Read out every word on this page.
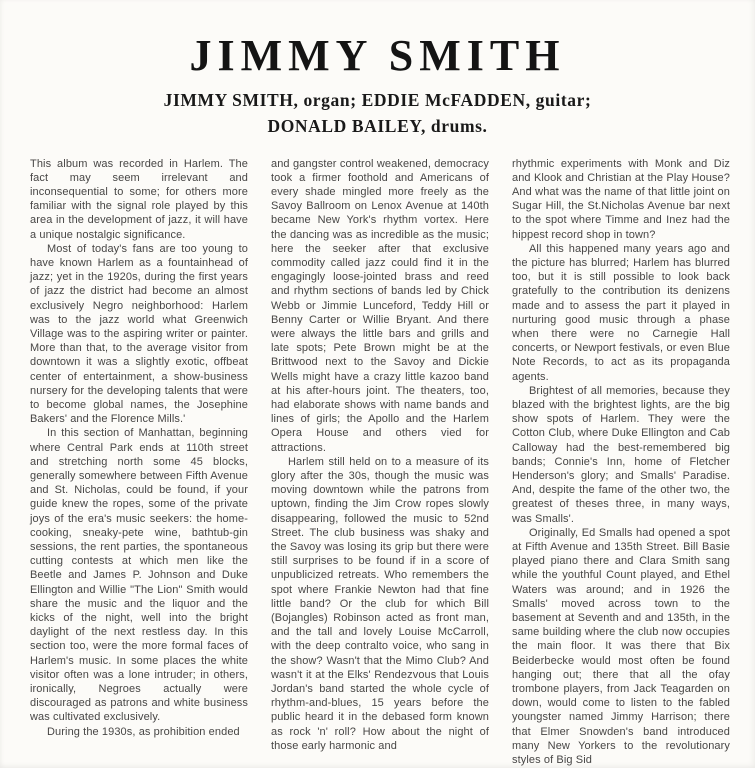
JIMMY SMITH

JIMMY SMITH, organ; EDDIE McFADDEN, guitar;

DONALD BAILEY, drums.

This album was recorded in Harlem. The fact may seem irrelevant and inconsequential to some; for others more familiar with the signal role played by this area in the development of jazz, it will have a unique nostalgic significance.

Most of today's fans are too young to have known Harlem as a fountainhead of jazz; yet in the 1920s, during the first years of jazz the district had become an almost exclusively Negro neighborhood: Harlem was to the jazz world what Greenwich Village was to the aspiring writer or painter. More than that, to the average visitor from downtown it was a slightly exotic, offbeat center of entertainment, a show-business nursery for the developing talents that were to become global names, the Josephine Bakers' and the Florence Mills.'

In this section of Manhattan, beginning where Central Park ends at 110th street and stretching north some 45 blocks, generally somewhere between Fifth Avenue and St. Nicholas, could be found, if your guide knew the ropes, some of the private joys of the era's music seekers: the home-cooking, sneaky-pete wine, bathtub-gin sessions, the rent parties, the spontaneous cutting contests at which men like the Beetle and James P. Johnson and Duke Ellington and Willie "The Lion" Smith would share the music and the liquor and the kicks of the night, well into the bright daylight of the next restless day. In this section too, were the more formal faces of Harlem's music. In some places the white visitor often was a lone intruder; in others, ironically, Negroes actually were discouraged as patrons and white business was cultivated exclusively.

During the 1930s, as prohibition ended

and gangster control weakened, democracy took a firmer foothold and Americans of every shade mingled more freely as the Savoy Ballroom on Lenox Avenue at 140th became New York's rhythm vortex. Here the dancing was as incredible as the music; here the seeker after that exclusive commodity called jazz could find it in the engagingly loose-jointed brass and reed and rhythm sections of bands led by Chick Webb or Jimmie Lunceford, Teddy Hill or Benny Carter or Willie Bryant. And there were always the little bars and grills and late spots; Pete Brown might be at the Brittwood next to the Savoy and Dickie Wells might have a crazy little kazoo band at his after-hours joint. The theaters, too, had elaborate shows with name bands and lines of girls; the Apollo and the Harlem Opera House and others vied for attractions.

Harlem still held on to a measure of its glory after the 30s, though the music was moving downtown while the patrons from uptown, finding the Jim Crow ropes slowly disappearing, followed the music to 52nd Street. The club business was shaky and the Savoy was losing its grip but there were still surprises to be found if in a score of unpublicized retreats. Who remembers the spot where Frankie Newton had that fine little band? Or the club for which Bill (Bojangles) Robinson acted as front man, and the tall and lovely Louise McCarroll, with the deep contralto voice, who sang in the show? Wasn't that the Mimo Club? And wasn't it at the Elks' Rendezvous that Louis Jordan's band started the whole cycle of rhythm-and-blues, 15 years before the public heard it in the debased form known as rock 'n' roll? How about the night of those early harmonic and

rhythmic experiments with Monk and Diz and Klook and Christian at the Play House? And what was the name of that little joint on Sugar Hill, the St.Nicholas Avenue bar next to the spot where Timme and Inez had the hippest record shop in town?

All this happened many years ago and the picture has blurred; Harlem has blurred too, but it is still possible to look back gratefully to the contribution its denizens made and to assess the part it played in nurturing good music through a phase when there were no Carnegie Hall concerts, or Newport festivals, or even Blue Note Records, to act as its propaganda agents.

Brightest of all memories, because they blazed with the brightest lights, are the big show spots of Harlem. They were the Cotton Club, where Duke Ellington and Cab Calloway had the best-remembered big bands; Connie's Inn, home of Fletcher Henderson's glory; and Smalls' Paradise. And, despite the fame of the other two, the greatest of theses three, in many ways, was Smalls'.

Originally, Ed Smalls had opened a spot at Fifth Avenue and 135th Street. Bill Basie played piano there and Clara Smith sang while the youthful Count played, and Ethel Waters was around; and in 1926 the Smalls' moved across town to the basement at Seventh and and 135th, in the same building where the club now occupies the main floor. It was there that Bix Beiderbecke would most often be found hanging out; there that all the ofay trombone players, from Jack Teagarden on down, would come to listen to the fabled youngster named Jimmy Harrison; there that Elmer Snowden's band introduced many New Yorkers to the revolutionary styles of Big Sid
